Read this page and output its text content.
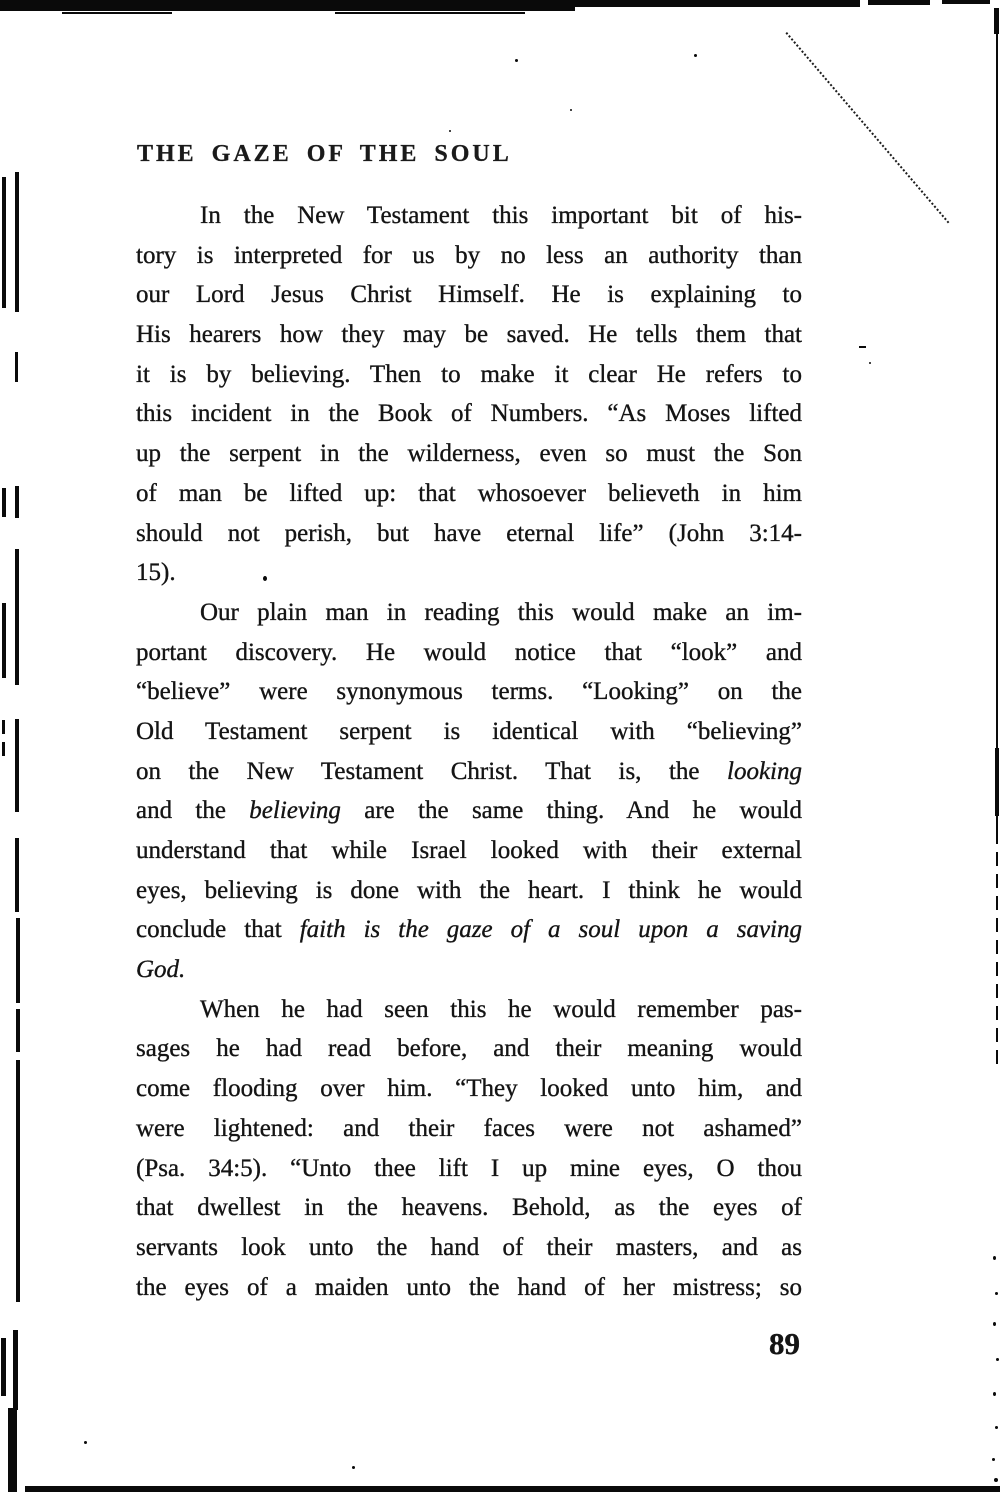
THE GAZE OF THE SOUL
In the New Testament this important bit of his-
tory is interpreted for us by no less an authority than
our Lord Jesus Christ Himself. He is explaining to
His hearers how they may be saved. He tells them that
it is by believing. Then to make it clear He refers to
this incident in the Book of Numbers. “As Moses lifted
up the serpent in the wilderness, even so must the Son
of man be lifted up: that whosoever believeth in him
should not perish, but have eternal life” (John 3:14-
15).
Our plain man in reading this would make an im-
portant discovery. He would notice that “look” and
“believe” were synonymous terms. “Looking” on the
Old Testament serpent is identical with “believing”
on the New Testament Christ. That is, the looking
and the believing are the same thing. And he would
understand that while Israel looked with their external
eyes, believing is done with the heart. I think he would
conclude that faith is the gaze of a soul upon a saving
God.
When he had seen this he would remember pas-
sages he had read before, and their meaning would
come flooding over him. “They looked unto him, and
were lightened: and their faces were not ashamed”
(Psa. 34:5). “Unto thee lift I up mine eyes, O thou
that dwellest in the heavens. Behold, as the eyes of
servants look unto the hand of their masters, and as
the eyes of a maiden unto the hand of her mistress; so
89
